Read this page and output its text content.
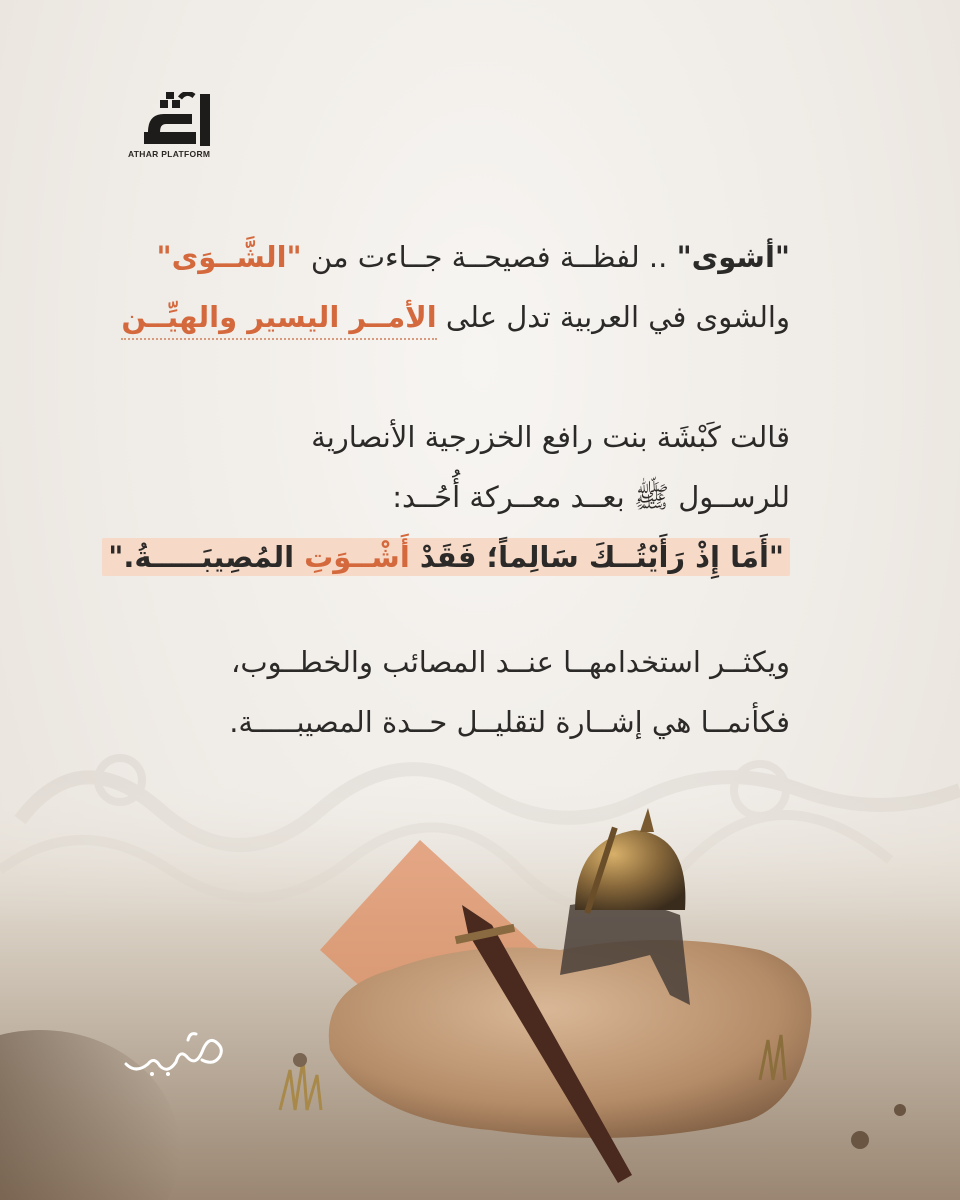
ATHAR PLATFORM
"أشوى" .. لفظــة فصيحــة جــاءت من "الشَّــوَى"
والشوى في العربية تدل على الأمــر اليسير والهيِّــن
قالت كَبْشَة بنت رافع الخزرجية الأنصارية
للرســول ﷺ بعــد معــركة أُحُــد:
"أَمَا إِذْ رَأَيْتُــكَ سَالِماً؛ فَقَدْ أَشْــوَتِ المُصِيبَـــــةُ."
ويكثــر استخدامهــا عنــد المصائب والخطــوب،
فكأنمــا هي إشــارة لتقليــل حــدة المصيبـــــة.
